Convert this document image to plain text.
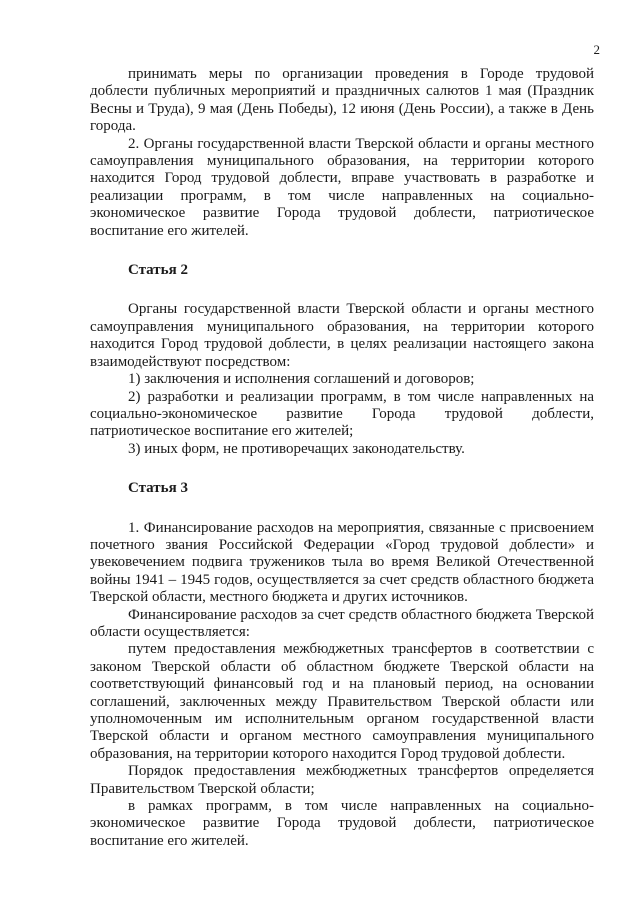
2

принимать меры по организации проведения в Городе трудовой доблести публичных мероприятий и праздничных салютов 1 мая (Праздник Весны и Труда), 9 мая (День Победы), 12 июня (День России), а также в День города.

2. Органы государственной власти Тверской области и органы местного самоуправления муниципального образования, на территории которого находится Город трудовой доблести, вправе участвовать в разработке и реализации программ, в том числе направленных на социально-экономическое развитие Города трудовой доблести, патриотическое воспитание его жителей.

Статья 2

Органы государственной власти Тверской области и органы местного самоуправления муниципального образования, на территории которого находится Город трудовой доблести, в целях реализации настоящего закона взаимодействуют посредством:

1) заключения и исполнения соглашений и договоров;

2) разработки и реализации программ, в том числе направленных на социально-экономическое развитие Города трудовой доблести, патриотическое воспитание его жителей;

3) иных форм, не противоречащих законодательству.

Статья 3

1. Финансирование расходов на мероприятия, связанные с присвоением почетного звания Российской Федерации «Город трудовой доблести» и увековечением подвига тружеников тыла во время Великой Отечественной войны 1941 – 1945 годов, осуществляется за счет средств областного бюджета Тверской области, местного бюджета и других источников.

Финансирование расходов за счет средств областного бюджета Тверской области осуществляется:

путем предоставления межбюджетных трансфертов в соответствии с законом Тверской области об областном бюджете Тверской области на соответствующий финансовый год и на плановый период, на основании соглашений, заключенных между Правительством Тверской области или уполномоченным им исполнительным органом государственной власти Тверской области и органом местного самоуправления муниципального образования, на территории которого находится Город трудовой доблести.

Порядок предоставления межбюджетных трансфертов определяется Правительством Тверской области;

в рамках программ, в том числе направленных на социально-экономическое развитие Города трудовой доблести, патриотическое воспитание его жителей.
